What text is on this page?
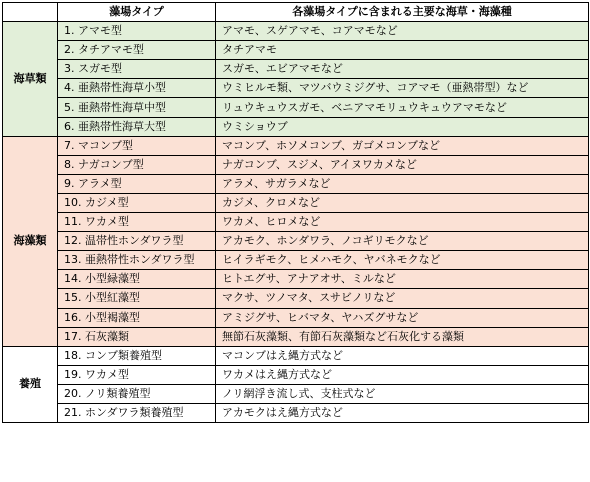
	藻場タイプ	各藻場タイプに含まれる主要な海草・海藻種
海草類	1. アマモ型	アマモ、スゲアマモ、コアマモなど
	2. タチアマモ型	タチアマモ
	3. スガモ型	スガモ、エビアマモなど
	4. 亜熱帯性海草小型	ウミヒルモ類、マツバウミジグサ、コアマモ（亜熱帯型）など
	5. 亜熱帯性海草中型	リュウキュウスガモ、ベニアマモリュウキュウアマモなど
	6. 亜熱帯性海草大型	ウミショウブ
海藻類	7. マコンブ型	マコンブ、ホソメコンブ、ガゴメコンブなど
	8. ナガコンブ型	ナガコンブ、スジメ、アイヌワカメなど
	9. アラメ型	アラメ、サガラメなど
	10. カジメ型	カジメ、クロメなど
	11. ワカメ型	ワカメ、ヒロメなど
	12. 温帯性ホンダワラ型	アカモク、ホンダワラ、ノコギリモクなど
	13. 亜熱帯性ホンダワラ型	ヒイラギモク、ヒメハモク、ヤバネモクなど
	14. 小型緑藻型	ヒトエグサ、アナアオサ、ミルなど
	15. 小型紅藻型	マクサ、ツノマタ、スサビノリなど
	16. 小型褐藻型	アミジグサ、ヒバマタ、ヤハズグサなど
	17. 石灰藻類	無節石灰藻類、有節石灰藻類など石灰化する藻類
養殖	18. コンブ類養殖型	マコンブはえ縄方式など
	19. ワカメ型	ワカメはえ縄方式など
	20. ノリ類養殖型	ノリ網浮き流し式、支柱式など
	21. ホンダワラ類養殖型	アカモクはえ縄方式など
